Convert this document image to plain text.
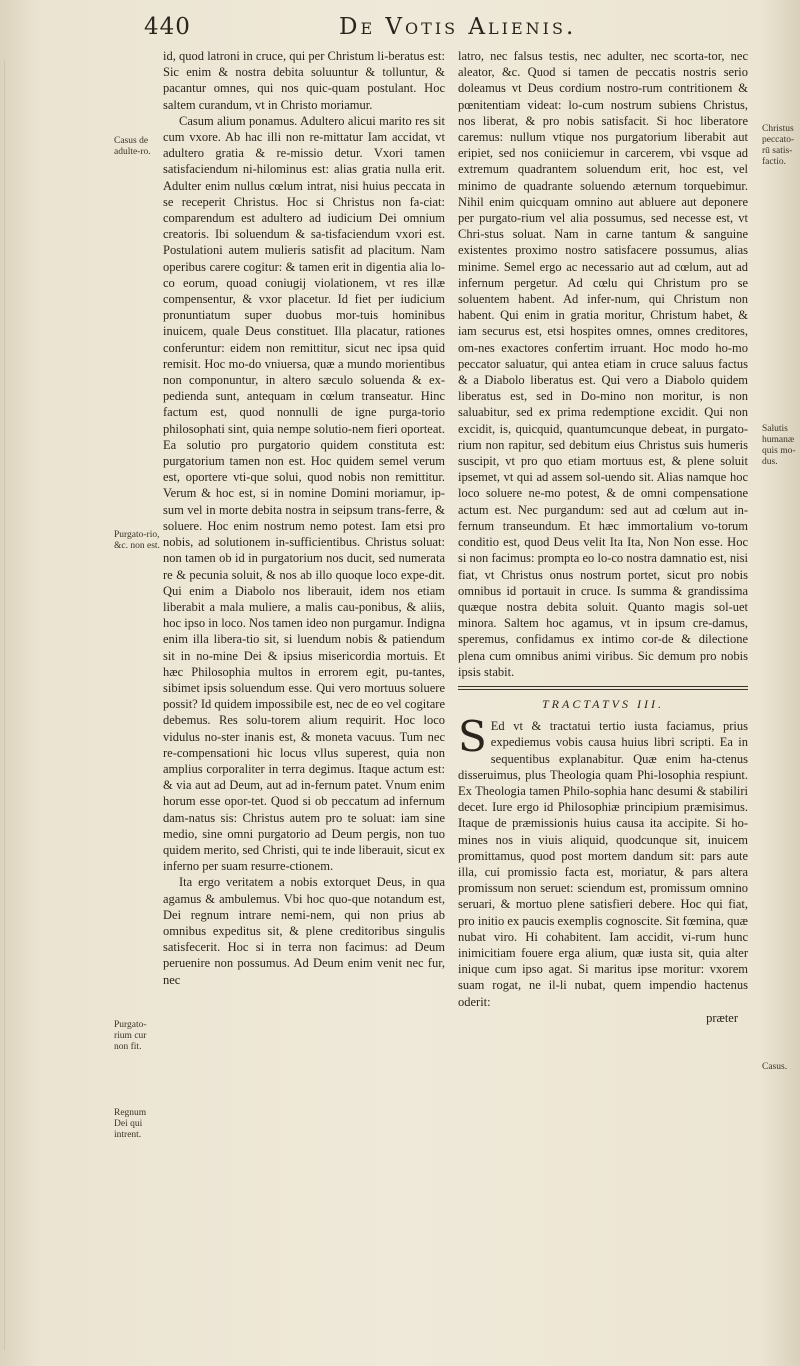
440	De Votis Alienis.
Casus de adulte-ro.
Purgato-rio, &c. non est.
Purgato-rium cur non fit.
Regnum Dei qui intrent.
Christus peccato-rū satis-factio.
Salutis humanæ quis mo-dus.
Casus.

id, quod latroni in cruce, qui per Christum li-beratus est: Sic enim & nostra debita soluuntur & tolluntur, & pacantur omnes, qui nos quic-quam postulant. Hoc saltem curandum, vt in Christo moriamur.

Casum alium ponamus. Adultero alicui marito res sit cum vxore. Ab hac illi non re-mittatur Iam accidat, vt adultero gratia & re-missio detur. Vxori tamen satisfaciendum ni-hilominus est: alias gratia nulla erit. Adulter enim nullus cœlum intrat, nisi huius peccata in se receperit Christus. Hoc si Christus non fa-ciat: comparendum est adultero ad iudicium Dei omnium creatoris. Ibi soluendum & sa-tisfaciendum vxori est. Postulationi autem mulieris satisfit ad placitum. Nam operibus carere cogitur: & tamen erit in digentia alia lo-co eorum, quoad coniugij violationem, vt res illæ compensentur, & vxor placetur. Id fiet per iudicium pronuntiatum super duobus mor-tuis hominibus inuicem, quale Deus constituet. Illa placatur, rationes conferuntur: eidem non remittitur, sicut nec ipsa quid remisit. Hoc mo-do vniuersa, quæ a mundo morientibus non componuntur, in altero sæculo soluenda & ex-pedienda sunt, antequam in cœlum transeatur. Hinc factum est, quod nonnulli de igne purga-torio philosophati sint, quia nempe solutio-nem fieri oporteat. Ea solutio pro purgatorio quidem constituta est: purgatorium tamen non est. Hoc quidem semel verum est, oportere vti-que solui, quod nobis non remittitur. Verum & hoc est, si in nomine Domini moriamur, ip-sum vel in morte debita nostra in seipsum trans-ferre, & soluere. Hoc enim nostrum nemo potest. Iam etsi pro nobis, ad solutionem in-sufficientibus. Christus soluat: non tamen ob id in purgatorium nos ducit, sed numerata re & pecunia soluit, & nos ab illo quoque loco expe-dit. Qui enim a Diabolo nos liberauit, idem nos etiam liberabit a mala muliere, a malis cau-ponibus, & aliis, hoc ipso in loco. Nos tamen ideo non purgamur. Indigna enim illa libera-tio sit, si luendum nobis & patiendum sit in no-mine Dei & ipsius misericordia mortuis. Et hæc Philosophia multos in errorem egit, pu-tantes, sibimet ipsis soluendum esse. Qui vero mortuus soluere possit? Id quidem impossibile est, nec de eo vel cogitare debemus. Res solu-torem alium requirit. Hoc loco vidulus no-ster inanis est, & moneta vacuus. Tum nec re-compensationi hic locus vllus superest, quia non amplius corporaliter in terra degimus. Itaque actum est: & via aut ad Deum, aut ad in-fernum patet. Vnum enim horum esse opor-tet. Quod si ob peccatum ad infernum dam-natus sis: Christus autem pro te soluat: iam sine medio, sine omni purgatorio ad Deum pergis, non tuo quidem merito, sed Christi, qui te inde liberauit, sicut ex inferno per suam resurre-ctionem.

Ita ergo veritatem a nobis extorquet Deus, in qua agamus & ambulemus. Vbi hoc quo-que notandum est, Dei regnum intrare nemi-nem, qui non prius ab omnibus expeditus sit, & plene creditoribus singulis satisfecerit. Hoc si in terra non facimus: ad Deum peruenire non possumus. Ad Deum enim venit nec fur, nec

latro, nec falsus testis, nec adulter, nec scorta-tor, nec aleator, &c. Quod si tamen de peccatis nostris serio doleamus vt Deus cordium nostro-rum contritionem & pœnitentiam videat: lo-cum nostrum subiens Christus, nos liberat, & pro nobis satisfacit. Si hoc liberatore caremus: nullum vtique nos purgatorium liberabit aut eripiet, sed nos coniiciemur in carcerem, vbi vsque ad extremum quadrantem soluendum erit, hoc est, vel minimo de quadrante soluendo æternum torquebimur. Nihil enim quicquam omnino aut abluere aut deponere per purgato-rium vel alia possumus, sed necesse est, vt Chri-stus soluat. Nam in carne tantum & sanguine existentes proximo nostro satisfacere possumus, alias minime. Semel ergo ac necessario aut ad cœlum, aut ad infernum pergetur. Ad cœlu qui Christum pro se soluentem habent. Ad infer-num, qui Christum non habent. Qui enim in gratia moritur, Christum habet, & iam securus est, etsi hospites omnes, omnes creditores, om-nes exactores confertim irruant. Hoc modo ho-mo peccator saluatur, qui antea etiam in cruce saluus factus & a Diabolo liberatus est. Qui vero a Diabolo quidem liberatus est, sed in Do-mino non moritur, is non saluabitur, sed ex prima redemptione excidit. Qui non excidit, is, quicquid, quantumcunque debeat, in purgato-rium non rapitur, sed debitum eius Christus suis humeris suscipit, vt pro quo etiam mortuus est, & plene soluit ipsemet, vt qui ad assem sol-uendo sit. Alias namque hoc loco soluere ne-mo potest, & de omni compensatione actum est. Nec purgandum: sed aut ad cœlum aut in-fernum transeundum. Et hæc immortalium vo-torum conditio est, quod Deus velit Ita Ita, Non Non esse. Hoc si non facimus: prompta eo lo-co nostra damnatio est, nisi fiat, vt Christus onus nostrum portet, sicut pro nobis omnibus id portauit in cruce. Is summa & grandissima quæque nostra debita soluit. Quanto magis sol-uet minora. Saltem hoc agamus, vt in ipsum cre-damus, speremus, confidamus ex intimo cor-de & dilectione plena cum omnibus animi viribus. Sic demum pro nobis ipsis stabit.

TRACTATVS III.

S Ed vt & tractatui tertio iusta faciamus, prius expediemus vobis causa huius libri scripti. Ea in sequentibus explanabitur. Quæ enim ha-ctenus disseruimus, plus Theologia quam Phi-losophia respiunt. Ex Theologia tamen Philo-sophia hanc desumi & stabiliri decet. Iure ergo id Philosophiæ principium præmisimus. Itaque de præmissionis huius causa ita accipite. Si ho-mines nos in viuis aliquid, quodcunque sit, inuicem promittamus, quod post mortem dandum sit: pars aute illa, cui promissio facta est, moriatur, & pars altera promissum non seruet: sciendum est, promissum omnino seruari, & mortuo plene satisfieri debere. Hoc qui fiat, pro initio ex paucis exemplis cognoscite. Sit fœmina, quæ nubat viro. Hi cohabitent. Iam accidit, vi-rum hunc inimicitiam fouere erga alium, quæ iusta sit, quia alter inique cum ipso agat. Si maritus ipse moritur: vxorem suam rogat, ne il-li nubat, quem impendio hactenus oderit:

præter
